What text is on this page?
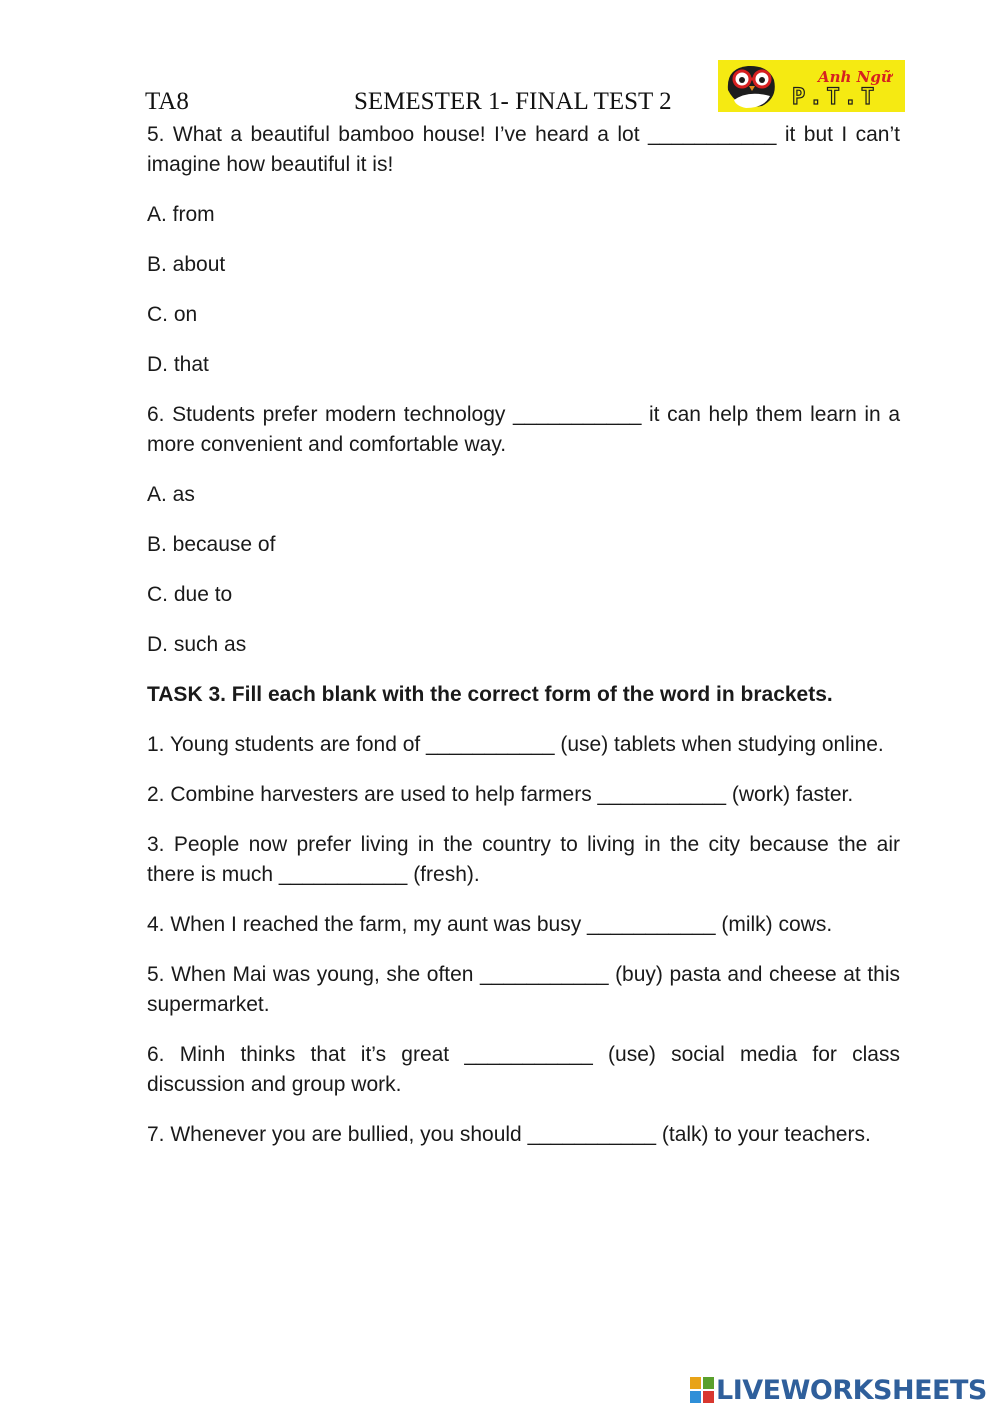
TA8	SEMESTER 1- FINAL TEST 2
Anh Ngữ
P.T.T

5. What a beautiful bamboo house! I’ve heard a lot ___________ it but I can’t imagine how beautiful it is!

A. from

B. about

C. on

D. that

6. Students prefer modern technology ___________ it can help them learn in a more convenient and comfortable way.

A. as

B. because of

C. due to

D. such as

TASK 3. Fill each blank with the correct form of the word in brackets.

1. Young students are fond of ___________ (use) tablets when studying online.

2. Combine harvesters are used to help farmers ___________ (work) faster.

3. People now prefer living in the country to living in the city because the air there is much ___________ (fresh).

4. When I reached the farm, my aunt was busy ___________ (milk) cows.

5. When Mai was young, she often ___________ (buy) pasta and cheese at this supermarket.

6. Minh thinks that it’s great ___________ (use) social media for class discussion and group work.

7. Whenever you are bullied, you should ___________ (talk) to your teachers.

LIVEWORKSHEETS
